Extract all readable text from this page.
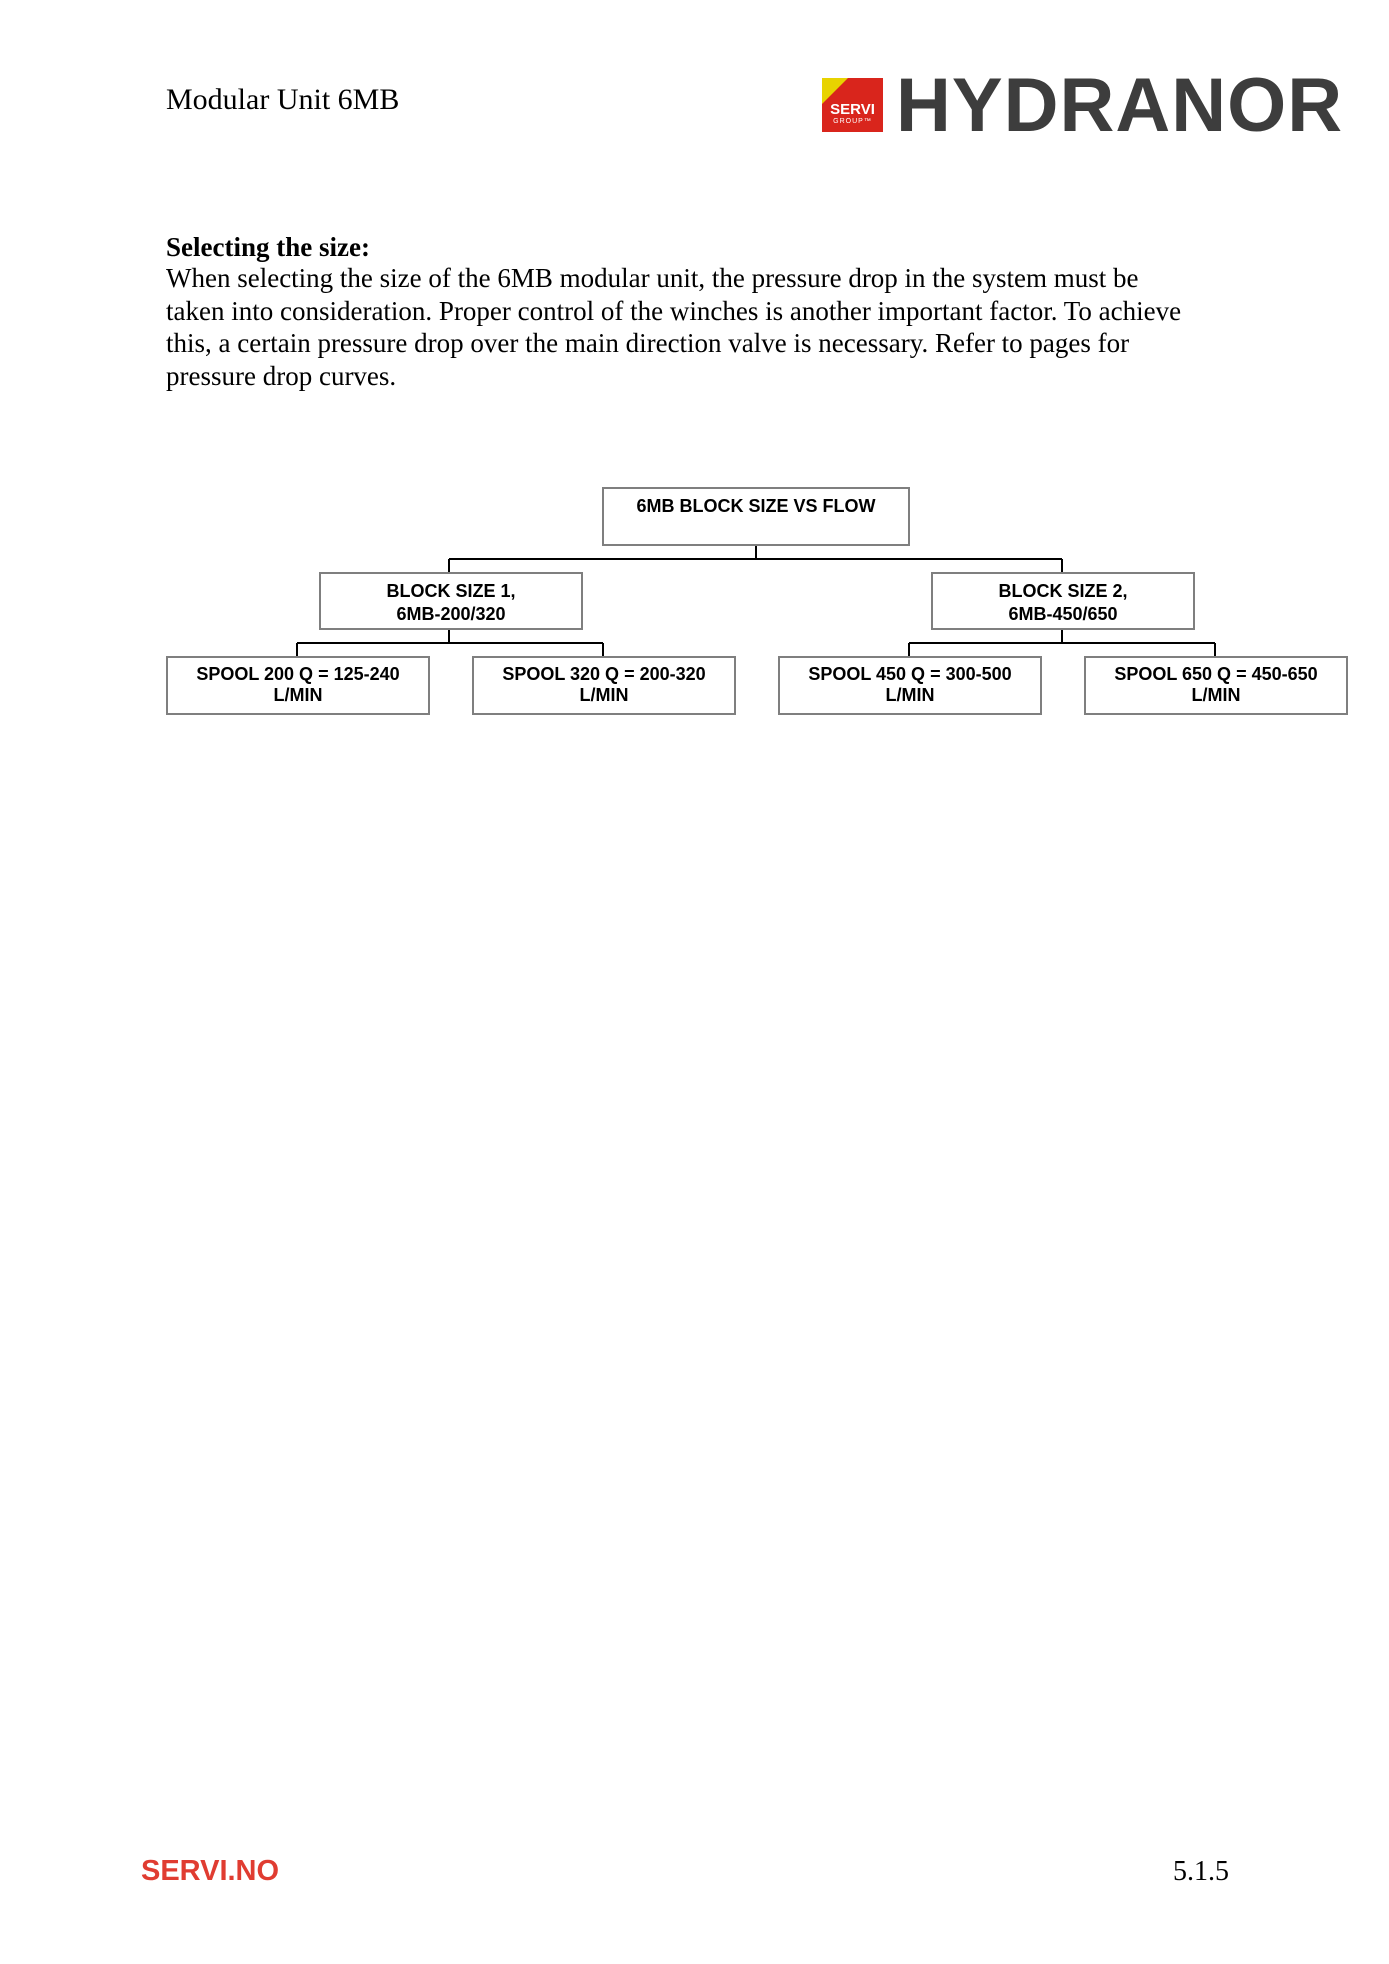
Modular Unit 6MB	SERVI
GROUP™ HYDRANOR
Selecting the size:

When selecting the size of the 6MB modular unit, the pressure drop in the system must be

taken into consideration. Proper control of the winches is another important factor. To achieve

this, a certain pressure drop over the main direction valve is necessary. Refer to pages for

pressure drop curves.

6MB BLOCK SIZE VS FLOW
BLOCK SIZE 1,
6MB-200/320
BLOCK SIZE 2,
6MB-450/650
SPOOL 200 Q = 125-240
L/MIN
SPOOL 320 Q = 200-320
L/MIN
SPOOL 450 Q = 300-500
L/MIN
SPOOL 650 Q = 450-650
L/MIN
SERVI.NO	5.1.5
